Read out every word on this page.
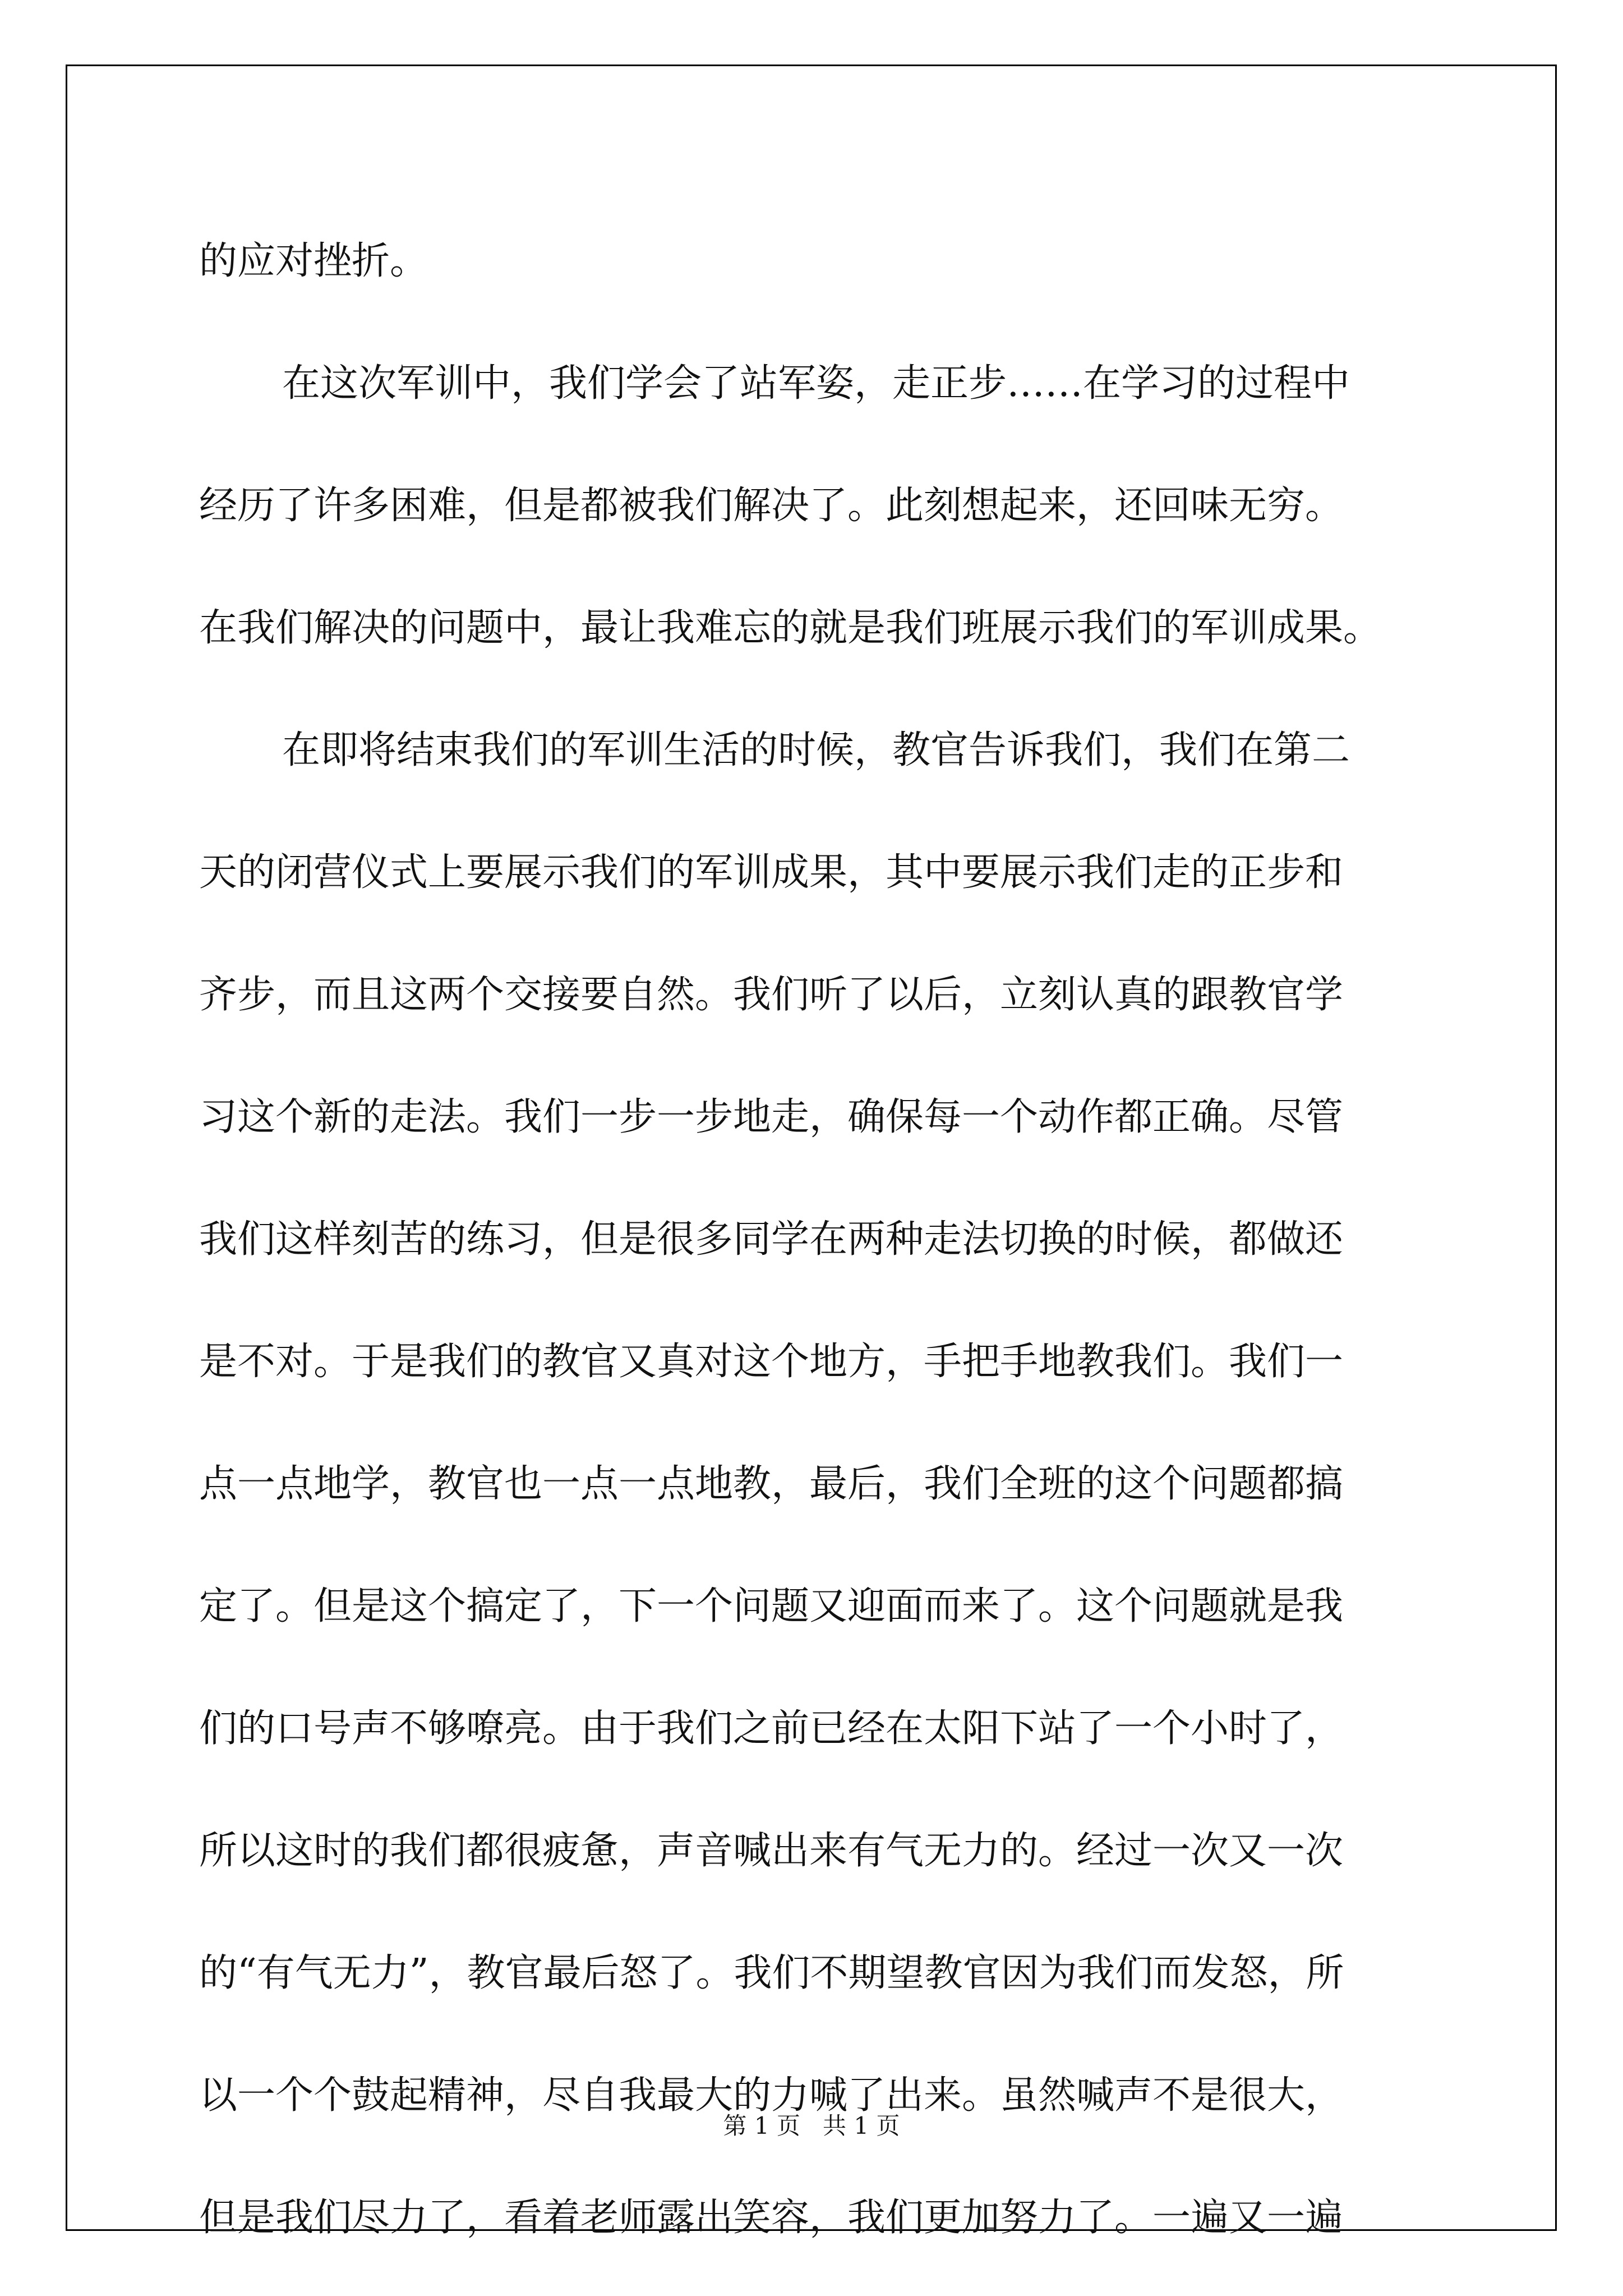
的应对挫折。
在这次军训中，我们学会了站军姿，走正步……在学习的过程中
经历了许多困难，但是都被我们解决了。此刻想起来，还回味无穷。
在我们解决的问题中，最让我难忘的就是我们班展示我们的军训成果。
在即将结束我们的军训生活的时候，教官告诉我们，我们在第二
天的闭营仪式上要展示我们的军训成果，其中要展示我们走的正步和
齐步，而且这两个交接要自然。我们听了以后，立刻认真的跟教官学
习这个新的走法。我们一步一步地走，确保每一个动作都正确。尽管
我们这样刻苦的练习，但是很多同学在两种走法切换的时候，都做还
是不对。于是我们的教官又真对这个地方，手把手地教我们。我们一
点一点地学，教官也一点一点地教，最后，我们全班的这个问题都搞
定了。但是这个搞定了，下一个问题又迎面而来了。这个问题就是我
们的口号声不够嘹亮。由于我们之前已经在太阳下站了一个小时了，
所以这时的我们都很疲惫，声音喊出来有气无力的。经过一次又一次
的“有气无力”，教官最后怒了。我们不期望教官因为我们而发怒，所
以一个个鼓起精神，尽自我最大的力喊了出来。虽然喊声不是很大，
但是我们尽力了，看着老师露出笑容，我们更加努力了。一遍又一遍
第 1 页 共 1 页
